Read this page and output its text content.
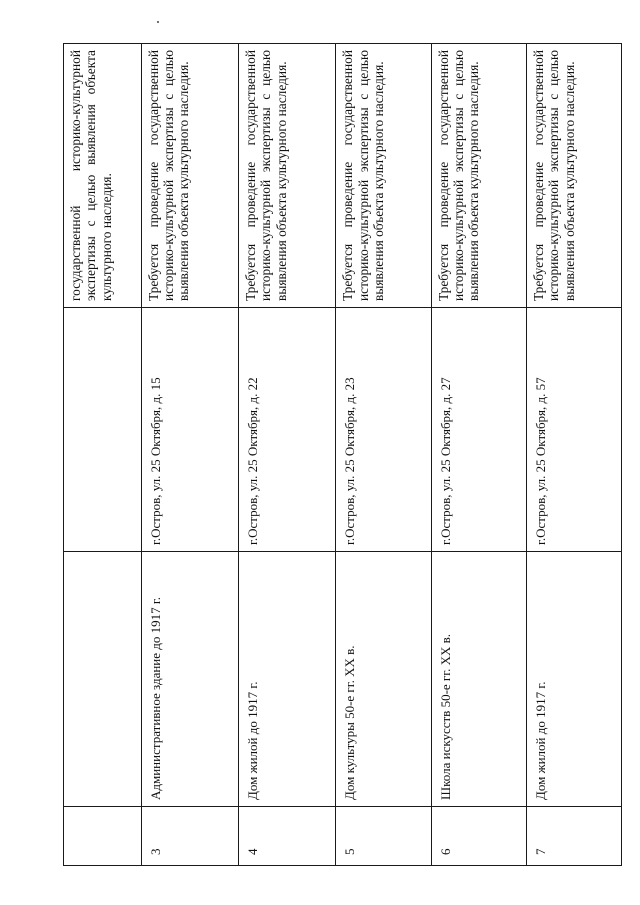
			государственной историко-культурной экспертизы с целью выявления объекта культурного наследия.

3	Административное здание до 1917 г.	г.Остров, ул. 25 Октября, д. 15	Требуется проведение государственной историко-культурной экспертизы с целью выявления объекта культурного наследия.

4	Дом жилой до 1917 г.	г.Остров, ул. 25 Октября, д. 22	Требуется проведение государственной историко-культурной экспертизы с целью выявления объекта культурного наследия.

5	Дом культуры 50-е гг. XX в.	г.Остров, ул. 25 Октября, д. 23	Требуется проведение государственной историко-культурной экспертизы с целью выявления объекта культурного наследия.

6	Школа искусств 50-е гг. XX в.	г.Остров, ул. 25 Октября, д. 27	Требуется проведение государственной историко-культурной экспертизы с целью выявления объекта культурного наследия.

7	Дом жилой до 1917 г.	г.Остров, ул. 25 Октября, д. 57	Требуется проведение государственной историко-культурной экспертизы с целью выявления объекта культурного наследия.
